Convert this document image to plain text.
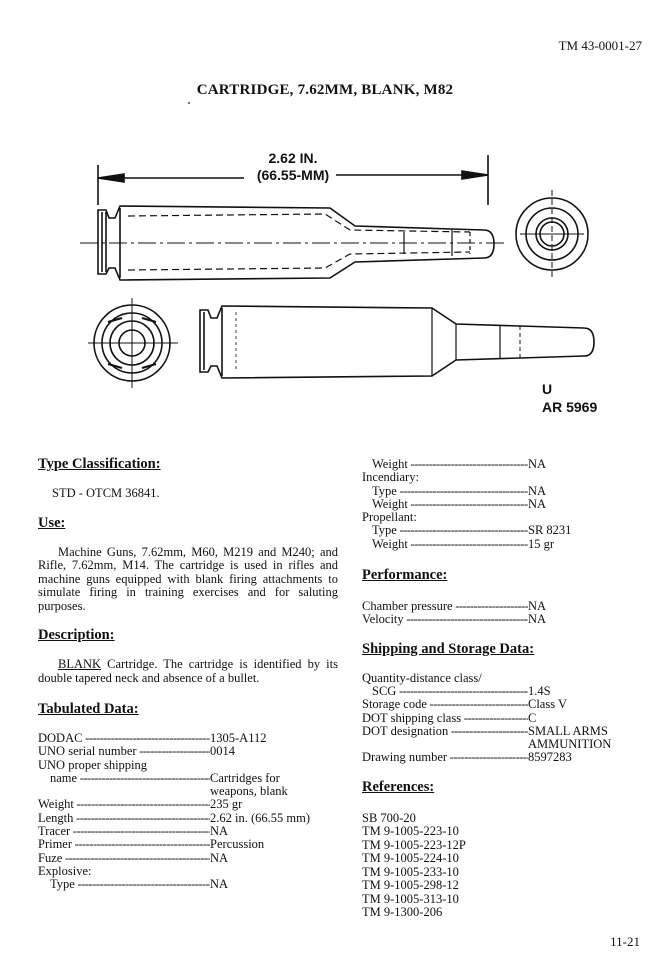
TM 43-0001-27
CARTRIDGE, 7.62MM, BLANK, M82
2.62 IN.
(66.55-MM)
U
AR 5969
Type Classification:

STD - OTCM 36841.

Use:

Machine Guns, 7.62mm, M60, M219 and M240; and Rifle, 7.62mm, M14. The cartridge is used in rifles and machine guns equipped with blank firing attachments to simulate firing in training exercises and for saluting purposes.

Description:

BLANK Cartridge. The cartridge is identified by its double tapered neck and absence of a bullet.

Tabulated Data:
DODAC -----	1305-A112
UNO serial number -----	0014
UNO proper shipping
name -----	Cartridges for
weapons, blank
Weight -----	235 gr
Length -----	2.62 in. (66.55 mm)
Tracer -----	NA
Primer -----	Percussion
Fuze -----	NA
Explosive:
Type -----	NA
Weight -----	NA
Incendiary:
Type -----	NA
Weight -----	NA
Propellant:
Type -----	SR 8231
Weight -----	15 gr
Performance:
Chamber pressure -----	NA
Velocity -----	NA
Shipping and Storage Data:
Quantity-distance class/
SCG -----	1.4S
Storage code -----	Class V
DOT shipping class -----	C
DOT designation -----	SMALL ARMS
AMMUNITION
Drawing number -----	8597283
References:
SB 700-20
TM 9-1005-223-10
TM 9-1005-223-12P
TM 9-1005-224-10
TM 9-1005-233-10
TM 9-1005-298-12
TM 9-1005-313-10
TM 9-1300-206
11-21
